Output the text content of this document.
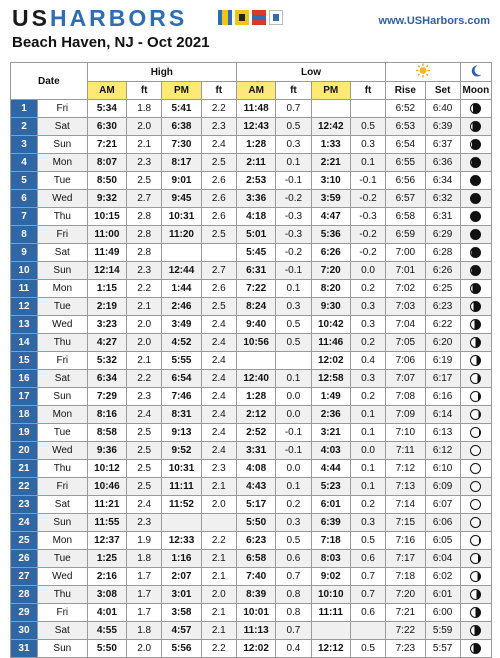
USHARBORS	www.USHarbors.com
Beach Haven, NJ - Oct 2021
Date		High				Low		
		AM	ft	PM	ft	AM	ft	PM	ft	Rise	Set	Moon
1	Fri	5:34	1.8	5:41	2.2	11:48	0.7			6:52	6:40	
2	Sat	6:30	2.0	6:38	2.3	12:43	0.5	12:42	0.5	6:53	6:39	
3	Sun	7:21	2.1	7:30	2.4	1:28	0.3	1:33	0.3	6:54	6:37	
4	Mon	8:07	2.3	8:17	2.5	2:11	0.1	2:21	0.1	6:55	6:36	
5	Tue	8:50	2.5	9:01	2.6	2:53	-0.1	3:10	-0.1	6:56	6:34	
6	Wed	9:32	2.7	9:45	2.6	3:36	-0.2	3:59	-0.2	6:57	6:32	
7	Thu	10:15	2.8	10:31	2.6	4:18	-0.3	4:47	-0.3	6:58	6:31	
8	Fri	11:00	2.8	11:20	2.5	5:01	-0.3	5:36	-0.2	6:59	6:29	
9	Sat	11:49	2.8			5:45	-0.2	6:26	-0.2	7:00	6:28	
10	Sun	12:14	2.3	12:44	2.7	6:31	-0.1	7:20	0.0	7:01	6:26	
11	Mon	1:15	2.2	1:44	2.6	7:22	0.1	8:20	0.2	7:02	6:25	
12	Tue	2:19	2.1	2:46	2.5	8:24	0.3	9:30	0.3	7:03	6:23	
13	Wed	3:23	2.0	3:49	2.4	9:40	0.5	10:42	0.3	7:04	6:22	
14	Thu	4:27	2.0	4:52	2.4	10:56	0.5	11:46	0.2	7:05	6:20	
15	Fri	5:32	2.1	5:55	2.4			12:02	0.4	7:06	6:19	
16	Sat	6:34	2.2	6:54	2.4	12:40	0.1	12:58	0.3	7:07	6:17	
17	Sun	7:29	2.3	7:46	2.4	1:28	0.0	1:49	0.2	7:08	6:16	
18	Mon	8:16	2.4	8:31	2.4	2:12	0.0	2:36	0.1	7:09	6:14	
19	Tue	8:58	2.5	9:13	2.4	2:52	-0.1	3:21	0.1	7:10	6:13	
20	Wed	9:36	2.5	9:52	2.4	3:31	-0.1	4:03	0.0	7:11	6:12	
21	Thu	10:12	2.5	10:31	2.3	4:08	0.0	4:44	0.1	7:12	6:10	
22	Fri	10:46	2.5	11:11	2.1	4:43	0.1	5:23	0.1	7:13	6:09	
23	Sat	11:21	2.4	11:52	2.0	5:17	0.2	6:01	0.2	7:14	6:07	
24	Sun	11:55	2.3			5:50	0.3	6:39	0.3	7:15	6:06	
25	Mon	12:37	1.9	12:33	2.2	6:23	0.5	7:18	0.5	7:16	6:05	
26	Tue	1:25	1.8	1:16	2.1	6:58	0.6	8:03	0.6	7:17	6:04	
27	Wed	2:16	1.7	2:07	2.1	7:40	0.7	9:02	0.7	7:18	6:02	
28	Thu	3:08	1.7	3:01	2.0	8:39	0.8	10:10	0.7	7:20	6:01	
29	Fri	4:01	1.7	3:58	2.1	10:01	0.8	11:11	0.6	7:21	6:00	
30	Sat	4:55	1.8	4:57	2.1	11:13	0.7			7:22	5:59	
31	Sun	5:50	2.0	5:56	2.2	12:02	0.4	12:12	0.5	7:23	5:57	
